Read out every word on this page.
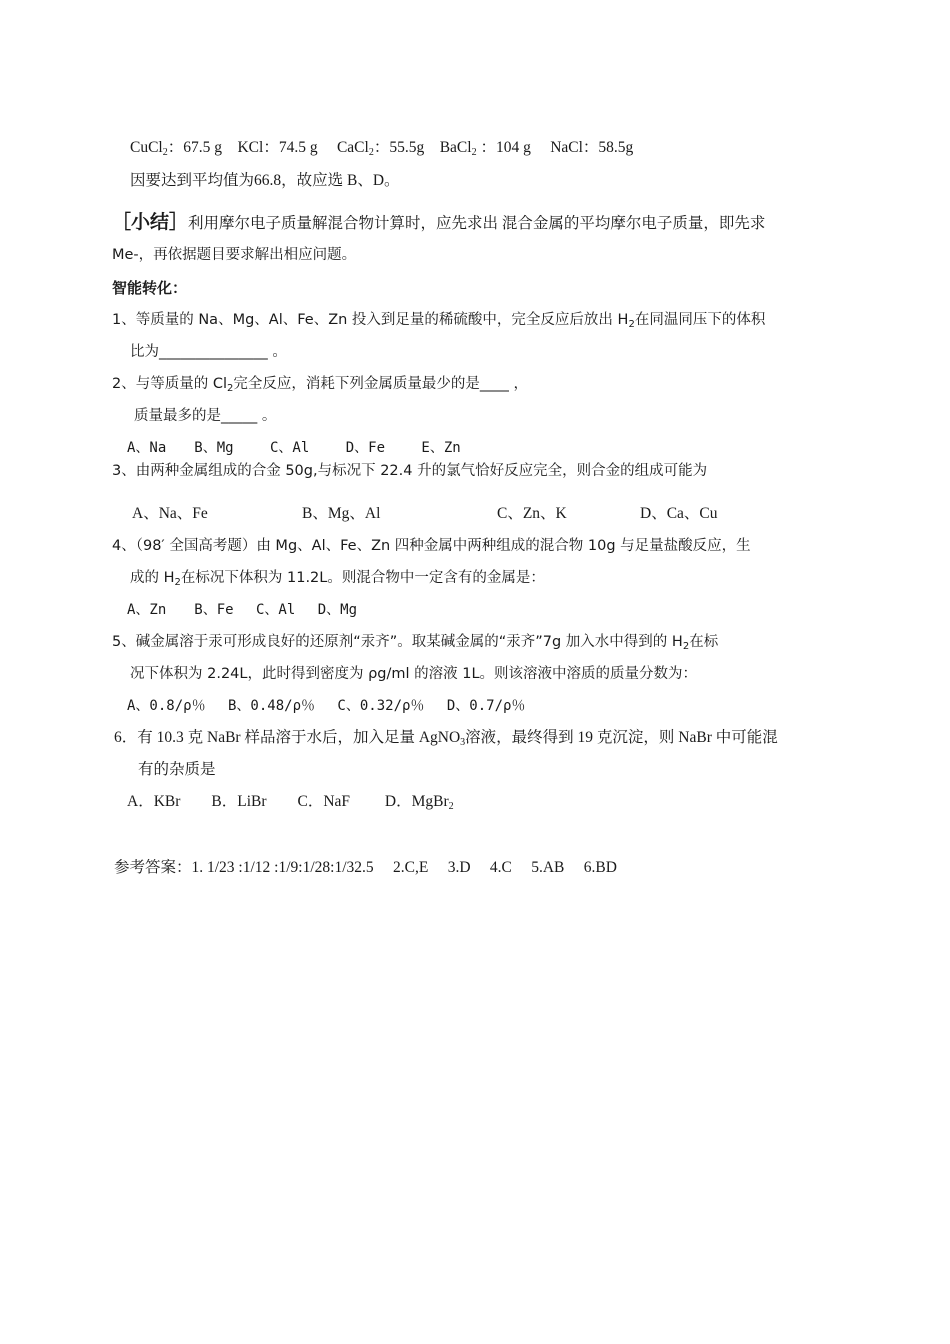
CuCl$_2$：67.5 g　KCl：74.5 g　 CaCl$_2$：55.5g　BaCl$_2$ ：104 g　 NaCl：58.5g
因要达到平均值为66.8，故应选 B、D。
［小结］利用摩尔电子质量解混合物计算时，应先求出 混合金属的平均摩尔电子质量，即先求
Me-，再依据题目要求解出相应问题。
智能转化：
1、等质量的 Na、Mg、Al、Fe、Zn 投入到足量的稀硫酸中，完全反应后放出 $H_2$在同温同压下的体积
比为_______________ 。
2、与等质量的 $Cl_2$完全反应，消耗下列金属质量最少的是____ ，
质量最多的是_____ 。
A、Na　　B、Mg　　 C、Al　　 D、Fe　　 E、Zn
3、由两种金属组成的合金 50g,与标况下 22.4 升的氯气恰好反应完全，则合金的组成可能为
A、Na、Fe	B、Mg、Al	C、Zn、K	D、Ca、Cu
4、（98′ 全国高考题）由 Mg、Al、Fe、Zn 四种金属中两种组成的混合物 10g 与足量盐酸反应，生
成的 $H_2$在标况下体积为 11.2L。则混合物中一定含有的金属是：
A、Zn　　B、Fe　 C、Al　 D、Mg
5、碱金属溶于汞可形成良好的还原剂“汞齐”。取某碱金属的“汞齐”7g 加入水中得到的 $H_2$在标
况下体积为 2.24L，此时得到密度为 ρg/ml 的溶液 1L。则该溶液中溶质的质量分数为：
A、0.8/ρ％　 B、0.48/ρ％　 C、0.32/ρ％　 D、0.7/ρ％
6．有 10.3 克 NaBr 样品溶于水后，加入足量 AgNO$_3$溶液，最终得到 19 克沉淀，则 NaBr 中可能混
有的杂质是
A．KBr　　B．LiBr　　C．NaF　　 D．MgBr$_2$
参考答案：1. 1/23 :1/12 :1/9:1/28:1/32.5　 2.C,E　 3.D　 4.C　 5.AB　 6.BD
